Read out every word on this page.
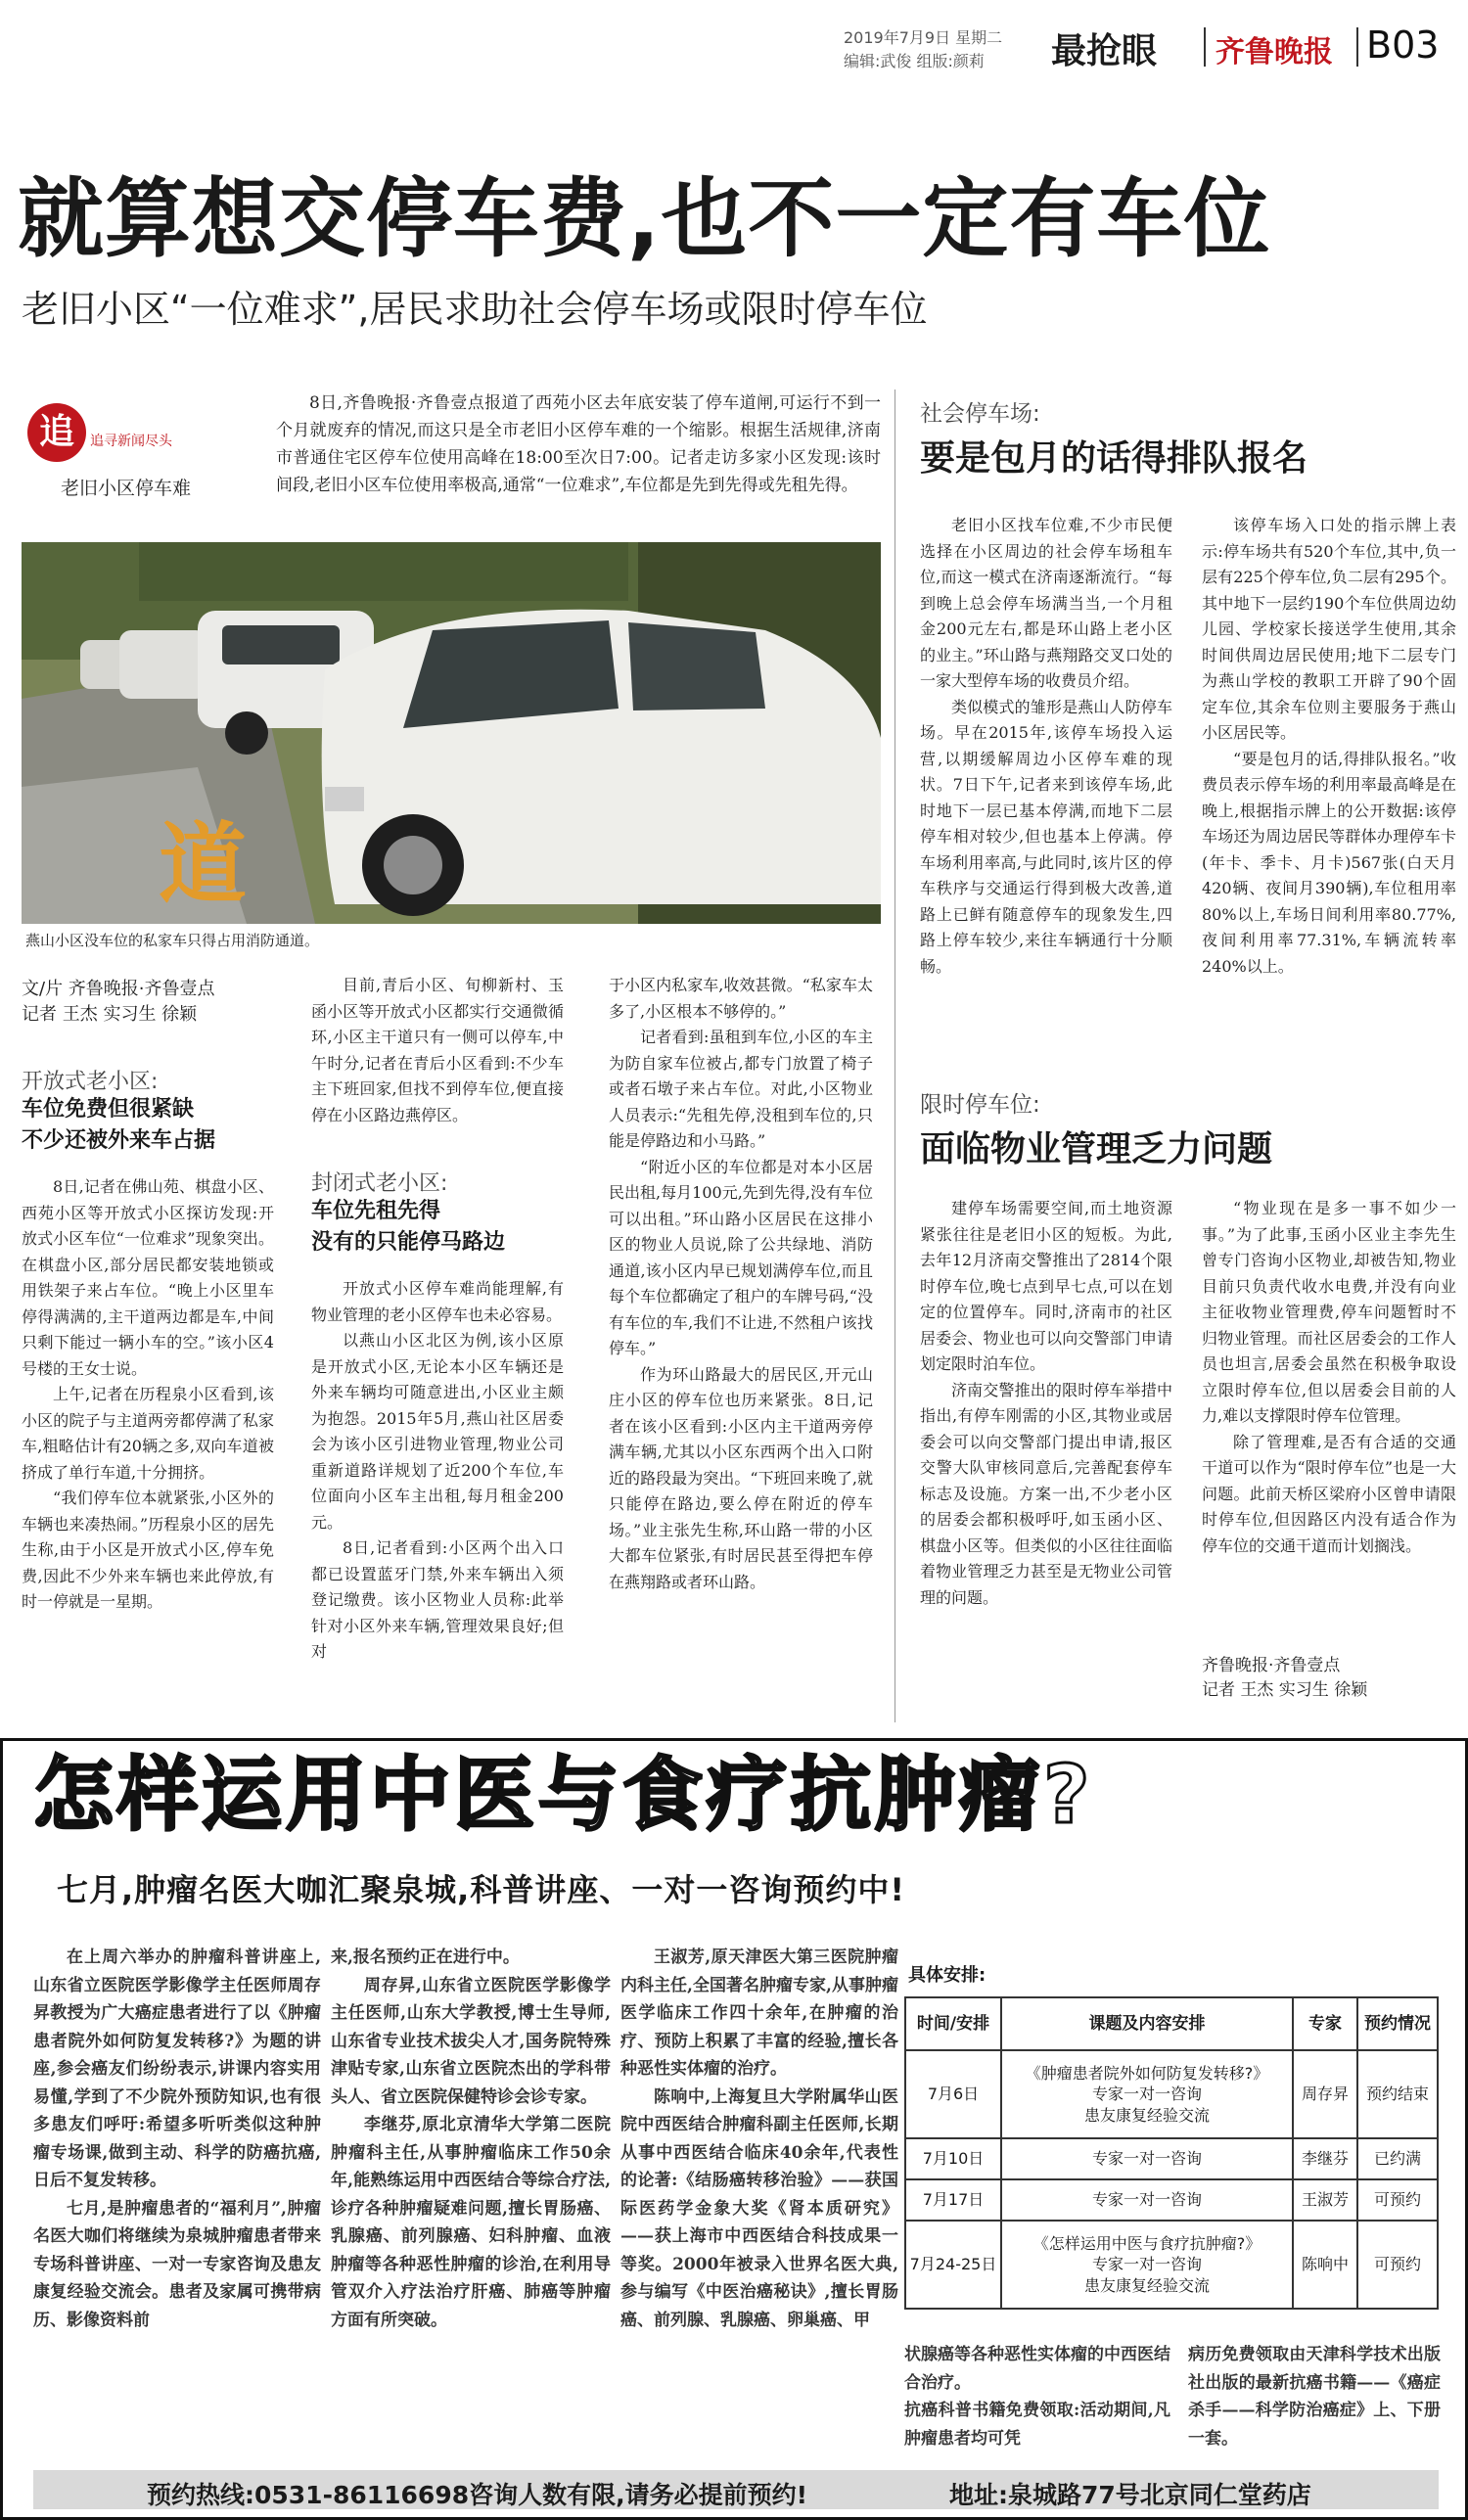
2019年7月9日 星期二
编辑:武俊 组版:颜莉	最抢眼 齐鲁晚报 B03
就算想交停车费,也不一定有车位
老旧小区“一位难求”,居民求助社会停车场或限时停车位
追	追寻新闻尽头
老旧小区停车难
8日,齐鲁晚报·齐鲁壹点报道了西苑小区去年底安装了停车道闸,可运行不到一个月就废弃的情况,而这只是全市老旧小区停车难的一个缩影。根据生活规律,济南市普通住宅区停车位使用高峰在18:00至次日7:00。记者走访多家小区发现:该时间段,老旧小区车位使用率极高,通常“一位难求”,车位都是先到先得或先租先得。
道
燕山小区没车位的私家车只得占用消防通道。
文/片 齐鲁晚报·齐鲁壹点
记者 王杰 实习生 徐颖
开放式老小区:
车位免费但很紧缺
不少还被外来车占据

8日,记者在佛山苑、棋盘小区、西苑小区等开放式小区探访发现:开放式小区车位“一位难求”现象突出。在棋盘小区,部分居民都安装地锁或用铁架子来占车位。“晚上小区里车停得满满的,主干道两边都是车,中间只剩下能过一辆小车的空。”该小区4号楼的王女士说。

上午,记者在历程泉小区看到,该小区的院子与主道两旁都停满了私家车,粗略估计有20辆之多,双向车道被挤成了单行车道,十分拥挤。

“我们停车位本就紧张,小区外的车辆也来凑热闹。”历程泉小区的居先生称,由于小区是开放式小区,停车免费,因此不少外来车辆也来此停放,有时一停就是一星期。

目前,青后小区、旬柳新村、玉函小区等开放式小区都实行交通微循环,小区主干道只有一侧可以停车,中午时分,记者在青后小区看到:不少车主下班回家,但找不到停车位,便直接停在小区路边燕停区。

封闭式老小区:
车位先租先得
没有的只能停马路边

开放式小区停车难尚能理解,有物业管理的老小区停车也未必容易。

以燕山小区北区为例,该小区原是开放式小区,无论本小区车辆还是外来车辆均可随意进出,小区业主颇为抱怨。2015年5月,燕山社区居委会为该小区引进物业管理,物业公司重新道路详规划了近200个车位,车位面向小区车主出租,每月租金200元。

8日,记者看到:小区两个出入口都已设置蓝牙门禁,外来车辆出入须登记缴费。该小区物业人员称:此举针对小区外来车辆,管理效果良好;但对

于小区内私家车,收效甚微。“私家车太多了,小区根本不够停的。”

记者看到:虽租到车位,小区的车主为防自家车位被占,都专门放置了椅子或者石墩子来占车位。对此,小区物业人员表示:“先租先停,没租到车位的,只能是停路边和小马路。”

“附近小区的车位都是对本小区居民出租,每月100元,先到先得,没有车位可以出租。”环山路小区居民在这排小区的物业人员说,除了公共绿地、消防通道,该小区内早已规划满停车位,而且每个车位都确定了租户的车牌号码,“没有车位的车,我们不让进,不然租户该找停车。”

作为环山路最大的居民区,开元山庄小区的停车位也历来紧张。8日,记者在该小区看到:小区内主干道两旁停满车辆,尤其以小区东西两个出入口附近的路段最为突出。“下班回来晚了,就只能停在路边,要么停在附近的停车场。”业主张先生称,环山路一带的小区大都车位紧张,有时居民甚至得把车停在燕翔路或者环山路。

社会停车场:
要是包月的话得排队报名

老旧小区找车位难,不少市民便选择在小区周边的社会停车场租车位,而这一模式在济南逐渐流行。“每到晚上总会停车场满当当,一个月租金200元左右,都是环山路上老小区的业主。”环山路与燕翔路交叉口处的一家大型停车场的收费员介绍。

类似模式的雏形是燕山人防停车场。早在2015年,该停车场投入运营,以期缓解周边小区停车难的现状。7日下午,记者来到该停车场,此时地下一层已基本停满,而地下二层停车相对较少,但也基本上停满。停车场利用率高,与此同时,该片区的停车秩序与交通运行得到极大改善,道路上已鲜有随意停车的现象发生,四路上停车较少,来往车辆通行十分顺畅。

该停车场入口处的指示牌上表示:停车场共有520个车位,其中,负一层有225个停车位,负二层有295个。其中地下一层约190个车位供周边幼儿园、学校家长接送学生使用,其余时间供周边居民使用;地下二层专门为燕山学校的教职工开辟了90个固定车位,其余车位则主要服务于燕山小区居民等。

“要是包月的话,得排队报名。”收费员表示停车场的利用率最高峰是在晚上,根据指示牌上的公开数据:该停车场还为周边居民等群体办理停车卡(年卡、季卡、月卡)567张(白天月420辆、夜间月390辆),车位租用率80%以上,车场日间利用率80.77%,夜间利用率77.31%,车辆流转率240%以上。

限时停车位:
面临物业管理乏力问题

建停车场需要空间,而土地资源紧张往往是老旧小区的短板。为此,去年12月济南交警推出了2814个限时停车位,晚七点到早七点,可以在划定的位置停车。同时,济南市的社区居委会、物业也可以向交警部门申请划定限时泊车位。

济南交警推出的限时停车举措中指出,有停车刚需的小区,其物业或居委会可以向交警部门提出申请,报区交警大队审核同意后,完善配套停车标志及设施。方案一出,不少老小区的居委会都积极呼吁,如玉函小区、棋盘小区等。但类似的小区往往面临着物业管理乏力甚至是无物业公司管理的问题。

“物业现在是多一事不如少一事。”为了此事,玉函小区业主李先生曾专门咨询小区物业,却被告知,物业目前只负责代收水电费,并没有向业主征收物业管理费,停车问题暂时不归物业管理。而社区居委会的工作人员也坦言,居委会虽然在积极争取设立限时停车位,但以居委会目前的人力,难以支撑限时停车位管理。

除了管理难,是否有合适的交通干道可以作为“限时停车位”也是一大问题。此前天桥区梁府小区曾申请限时停车位,但因路区内没有适合作为停车位的交通干道而计划搁浅。

齐鲁晚报·齐鲁壹点
记者 王杰 实习生 徐颖
怎样运用中医与食疗抗肿瘤?
七月,肿瘤名医大咖汇聚泉城,科普讲座、一对一咨询预约中!

在上周六举办的肿瘤科普讲座上,山东省立医院医学影像学主任医师周存昇教授为广大癌症患者进行了以《肿瘤患者院外如何防复发转移?》为题的讲座,参会癌友们纷纷表示,讲课内容实用易懂,学到了不少院外预防知识,也有很多患友们呼吁:希望多听听类似这种肿瘤专场课,做到主动、科学的防癌抗癌,日后不复发转移。

七月,是肿瘤患者的“福利月”,肿瘤名医大咖们将继续为泉城肿瘤患者带来专场科普讲座、一对一专家咨询及患友康复经验交流会。患者及家属可携带病历、影像资料前

来,报名预约正在进行中。

周存昇,山东省立医院医学影像学主任医师,山东大学教授,博士生导师,山东省专业技术拔尖人才,国务院特殊津贴专家,山东省立医院杰出的学科带头人、省立医院保健特诊会诊专家。

李继芬,原北京清华大学第二医院肿瘤科主任,从事肿瘤临床工作50余年,能熟练运用中西医结合等综合疗法,诊疗各种肿瘤疑难问题,擅长胃肠癌、乳腺癌、前列腺癌、妇科肿瘤、血液肿瘤等各种恶性肿瘤的诊治,在利用导管双介入疗法治疗肝癌、肺癌等肿瘤方面有所突破。

王淑芳,原天津医大第三医院肿瘤内科主任,全国著名肿瘤专家,从事肿瘤医学临床工作四十余年,在肿瘤的治疗、预防上积累了丰富的经验,擅长各种恶性实体瘤的治疗。

陈响中,上海复旦大学附属华山医院中西医结合肿瘤科副主任医师,长期从事中西医结合临床40余年,代表性的论著:《结肠癌转移治验》——获国际医药学金象大奖《肾本质研究》——获上海市中西医结合科技成果一等奖。2000年被录入世界名医大典,参与编写《中医治癌秘诀》,擅长胃肠癌、前列腺、乳腺癌、卵巢癌、甲

具体安排:
时间/安排	课题及内容安排	专家	预约情况
7月6日	《肿瘤患者院外如何防复发转移?》
专家一对一咨询
患友康复经验交流	周存昇	预约结束
7月10日	专家一对一咨询	李继芬	已约满
7月17日	专家一对一咨询	王淑芳	可预约
7月24-25日	《怎样运用中医与食疗抗肿瘤?》
专家一对一咨询
患友康复经验交流	陈响中	可预约

状腺癌等各种恶性实体瘤的中西医结合治疗。

抗癌科普书籍免费领取:活动期间,凡肿瘤患者均可凭

病历免费领取由天津科学技术出版社出版的最新抗癌书籍——《癌症杀手——科学防治癌症》上、下册一套。

预约热线:0531-86116698咨询人数有限,请务必提前预约!	地址:泉城路77号北京同仁堂药店
